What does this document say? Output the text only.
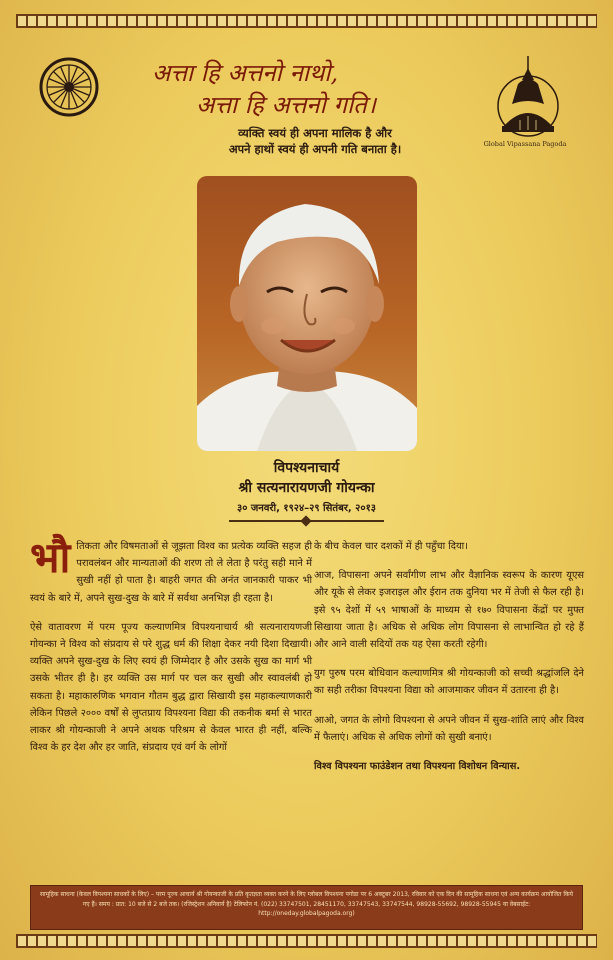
अत्ता हि अत्तनो नाथो,
अत्ता हि अत्तनो गति।
व्यक्ति स्वयं ही अपना मालिक है और
अपने हाथों स्वयं ही अपनी गति बनाता है।	Global Vipassana Pagoda
विपश्यनाचार्य
श्री सत्यनारायणजी गोयन्का
३० जनवरी, १९२४–२९ सितंबर, २०१३

भौतिकता और विषमताओं से जूझता विश्व का प्रत्येक व्यक्ति सहज ही परावलंबन और मान्यताओं की शरण तो ले लेता है परंतु सही माने में सुखी नहीं हो पाता है। बाहरी जगत की अनंत जानकारी पाकर भी स्वयं के बारे में, अपने सुख-दुख के बारे में सर्वथा अनभिज्ञ ही रहता है।

ऐसे वातावरण में परम पूज्य कल्याणमित्र विपश्यनाचार्य श्री सत्यनारायणजी गोयन्का ने विश्व को संप्रदाय से परे शुद्ध धर्म की शिक्षा देकर नयी दिशा दिखायी। व्यक्ति अपने सुख-दुख के लिए स्वयं ही जिम्मेदार है और उसके सुख का मार्ग भी उसके भीतर ही है। हर व्यक्ति उस मार्ग पर चल कर सुखी और स्वावलंबी हो सकता है। महाकारुणिक भगवान गौतम बुद्ध द्वारा सिखायी इस महाकल्याणकारी लेकिन पिछले २००० वर्षों से लुप्तप्राय विपश्यना विद्या की तकनीक बर्मा से भारत लाकर श्री गोयन्काजी ने अपने अथक परिश्रम से केवल भारत ही नहीं, बल्कि विश्व के हर देश और हर जाति, संप्रदाय एवं वर्ग के लोगों

के बीच केवल चार दशकों में ही पहुँचा दिया।

आज, विपासना अपने सर्वांगीण लाभ और वैज्ञानिक स्वरूप के कारण यूएस और यूके से लेकर इजराइल और ईरान तक दुनिया भर में तेजी से फैल रही है। इसे ९५ देशों में ५९ भाषाओं के माध्यम से १७० विपासना केंद्रों पर मुफ्त सिखाया जाता है। अधिक से अधिक लोग विपासना से लाभान्वित हो रहे हैं और आने वाली सदियों तक यह ऐसा करती रहेगी।

युग पुरुष परम बोधिवान कल्याणमित्र श्री गोयन्काजी को सच्ची श्रद्धांजलि देने का सही तरीका विपश्यना विद्या को आजमाकर जीवन में उतारना ही है।

आओ, जगत के लोगो विपश्यना से अपने जीवन में सुख-शांति लाएं और विश्व में फैलाएं। अधिक से अधिक लोगों को सुखी बनाएं।

विश्व विपश्यना फाउंडेशन तथा विपश्यना विशोधन विन्यास.

सामूहिक साधना (केवल विपश्यना साधकों के लिए) – परम पूज्य आचार्य श्री गोयन्काजी के प्रति कृतज्ञता व्यक्त करने के लिए ग्लोबल विपश्यना पगोडा पर 6 अक्टूबर 2013, रविवार को एक दिन की सामूहिक साधना एवं अन्य कार्यक्रम आयोजित किये गए हैं। समय : प्रात: 10 बजे से 2 बजे तक। (रजिस्ट्रेशन अनिवार्य है) टेलिफोन नं. (022) 33747501, 28451170, 33747543, 33747544, 98928-55692, 98928-55945 या वेबसाईट: http://oneday.globalpagoda.org)
